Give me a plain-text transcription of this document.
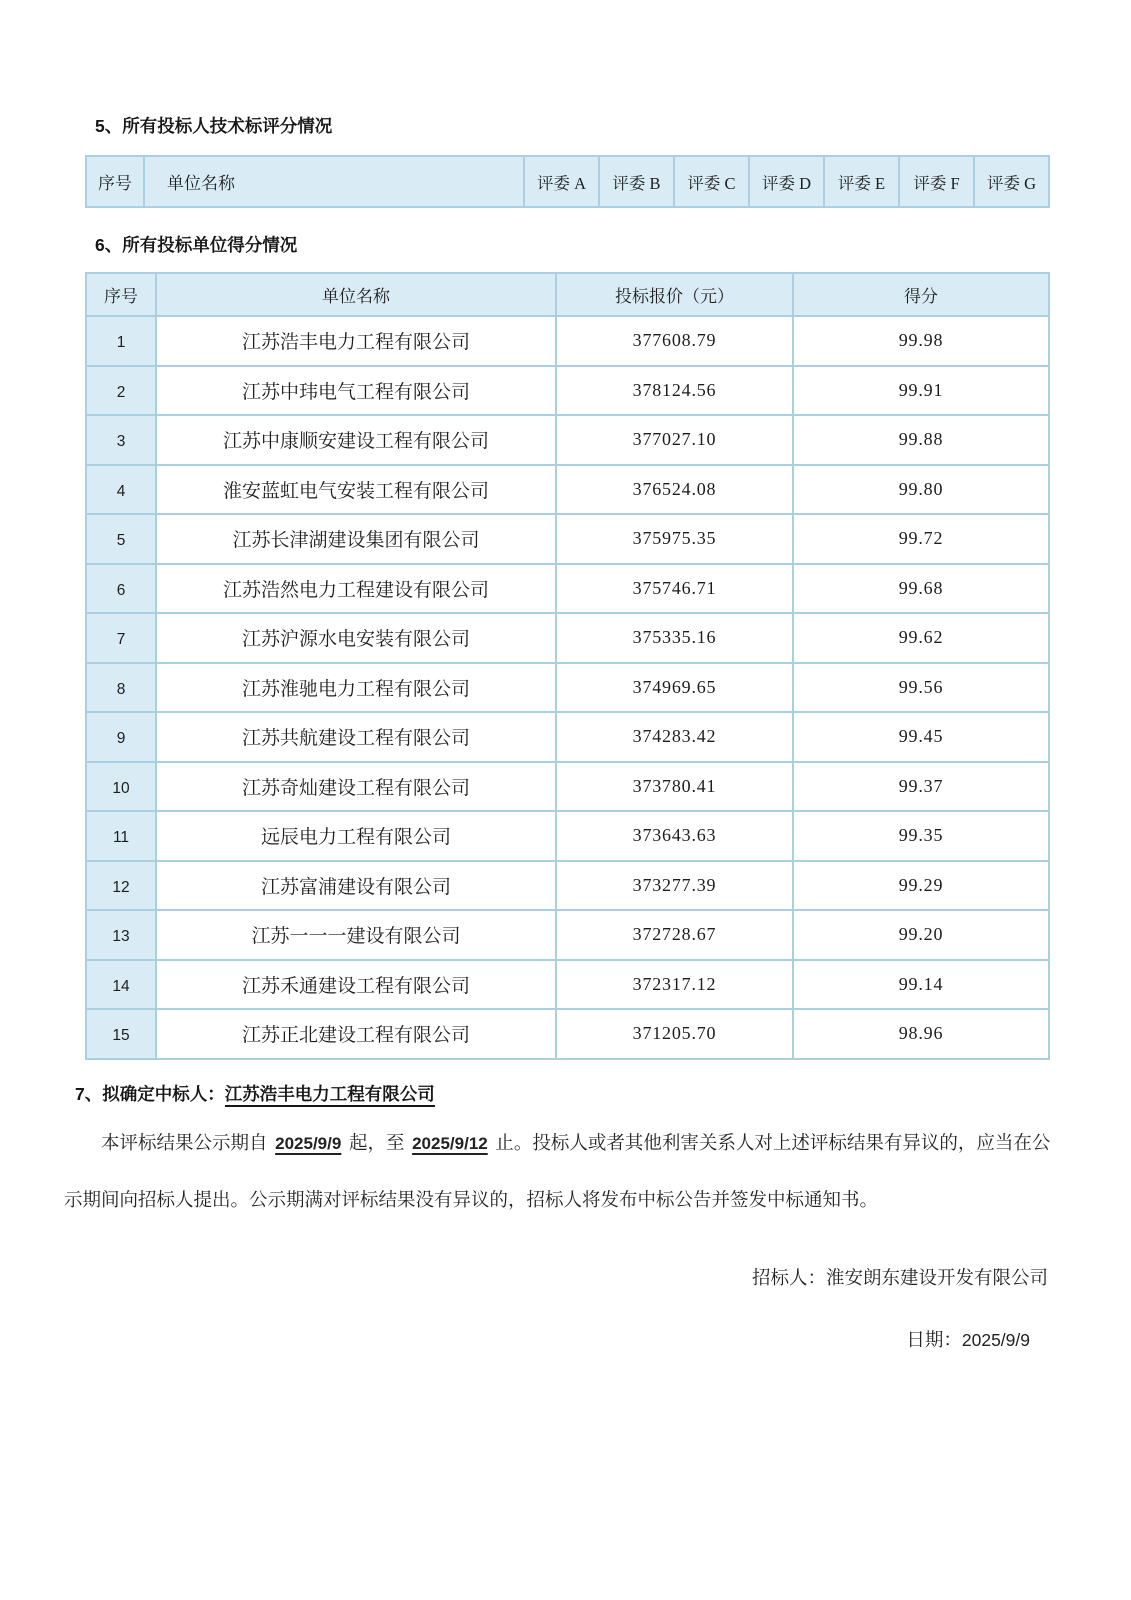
5、所有投标人技术标评分情况
序号	单位名称	评委 A	评委 B	评委 C	评委 D	评委 E	评委 F	评委 G
6、所有投标单位得分情况
序号	单位名称	投标报价（元）	得分
1	江苏浩丰电力工程有限公司	377608.79	99.98
2	江苏中玮电气工程有限公司	378124.56	99.91
3	江苏中康顺安建设工程有限公司	377027.10	99.88
4	淮安蓝虹电气安装工程有限公司	376524.08	99.80
5	江苏长津湖建设集团有限公司	375975.35	99.72
6	江苏浩然电力工程建设有限公司	375746.71	99.68
7	江苏沪源水电安装有限公司	375335.16	99.62
8	江苏淮驰电力工程有限公司	374969.65	99.56
9	江苏共航建设工程有限公司	374283.42	99.45
10	江苏奇灿建设工程有限公司	373780.41	99.37
11	远辰电力工程有限公司	373643.63	99.35
12	江苏富浦建设有限公司	373277.39	99.29
13	江苏一一一建设有限公司	372728.67	99.20
14	江苏禾通建设工程有限公司	372317.12	99.14
15	江苏正北建设工程有限公司	371205.70	98.96

7、拟确定中标人：江苏浩丰电力工程有限公司

本评标结果公示期自 2025/9/9 起，至 2025/9/12 止。投标人或者其他利害关系人对上述评标结果有异议的，应当在公示期间向招标人提出。公示期满对评标结果没有异议的，招标人将发布中标公告并签发中标通知书。

招标人：淮安朗东建设开发有限公司

日期：2025/9/9
